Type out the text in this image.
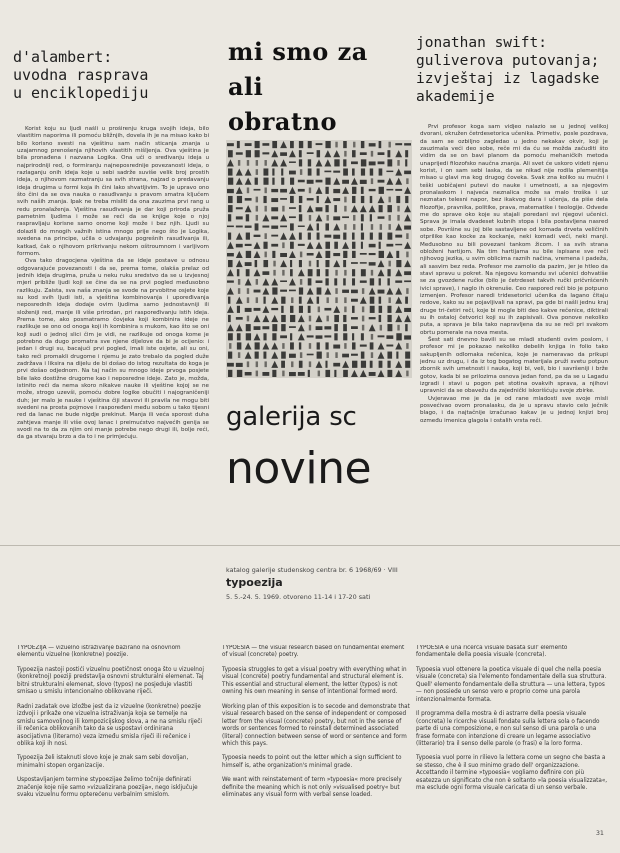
d'alambert:
uvodna rasprava
u enciklopediju
mi smo za
ali
obratno
jonathan swift:
guliverova putovanja;
izvještaj iz lagadske
akademije

Korist koju su ljudi našli u proširenju kruga svojih ideja, bilo vlastitim naporima ili pomoću bližnjih, dovela ih je na misao kako bi bilo korisno svesti na vještinu sam način sticanja znanja u uzajamnog prenošenja njihovih vlastitih mišljenja. Ova vještina je bila pronađena i nazvana Logika. Ona uči o sređivanju ideja u najprirodniji red, o formiranju najneposrednije povezanosti ideja, o razlaganju onih ideja koje u sebi sadrže suviše velik broj prostih ideja, o njihovom razmatranju sa svih strana, najzad o predavanju ideja drugima u formi koja ih čini lako shvatljivim. To je upravo ono što čini da se ova nauka o rasuđivanju s pravom smatra ključem svih naših znanja. Ipak ne treba misliti da ona zauzima prvi rang u redu pronalaženja. Vještina rasuđivanja je dar koji priroda pruža pametnim ljudima i može se reći da se knjige koje o njoj raspravljaju korisne samo onome koji može i bez njih. Ljudi su dolazili do mnogih važnih istina mnogo prije nego što je Logika, svedena na principe, učila o udvajanju pogrešnih rasuđivanja ili, katkad, čak o njihovom prikrivanju nekom oštroumnom i varljivom formom.

Ova tako dragocjena vještina da se ideje postave u odnosu odgovarajuće povezanosti i da se, prema tome, olakša prelaz od jednih ideja drugima, pruža u neku ruku sredstvo da se u izvjesnoj mjeri približe ljudi koji se čine da se na prvi pogled međusobno razlikuju. Zaista, sva naša znanja se svode na prvobitne osjete koje su kod svih ljudi isti, a vještina kombinovanja i upoređivanja neposrednih ideja dodaje ovim ljudima samo jednostavniji ili složeniji red, manje ili više prirodan, pri raspoređivanju istih ideja. Prema tome, ako posmatramo čovjeka koji kombinira ideje ne razlikuje se ono od onoga koji ih kombinira s mukom, kao što se oni koji sudi o jednoj slici čim je vidi, ne razlikuje od onoga kome je potrebno da dugo promatra sve njene dijelove da bi je ocijenio: i jedan i drugi su, bacajući prvi pogled, imali iste osjete, ali su oni, tako reći promakli drugome i njemu je zato trebalo da pogled duže zadržava i liksira na dijelu de bi došao do istog rezultata do koga je prvi došao odjednom. Na taj način su mnogo ideje prvoga posjete bile lako dostižne drugome kao i neposredne ideje. Zato je, možda, istinito reći da nema skoro nikakve nauke ili vještine kojoj se ne može, strogo uzevši, pomoću dobre logike obučiti i najograničeniji duh; jer malo je nauke i vještina čiji stavovi ili pravila ne mogu biti svedeni na prosta pojmove i raspoređeni među sobom u tako tijesni red da lanac ne bude nigdje prekinut. Manja ili veća sporost duha zahtjeva manje ili više ovoj lanac i preimućstvo najvećih genija se svodi na to da za njim oni manje potrebe nego drugi ili, bolje reći, da ga stvaraju brzo a da to i ne primjećuju.

Prvi profesor koga sam vidjeo nalazio se u jednoj velikoj dvorani, okružen četrdesetorica učenika. Primetiv, posle pozdrava, da sam se ozbiljno zagledao u jedno nekakav okvir, koji je zauzimala veći deo sobe, reče mi da ću se možda začuditi što vidim da se on bavi planom da pomoću mehaničkih metoda unaprijedi filozofsko naučna znanja. Ali svet će uskoro videti njenu korist, i on sam sebi laska, da se nikad nije rodila plemenitija misao u glavi ma kog drugog čoveka. Svak zna koliko su mučni i teški uobičajeni putevi do nauke i umetnosti, a sa njegovim pronalaskom i najveća neznalica može sa malo troška i uz neznatan telesni napor, bez ikakvog dara i učenja, da piše dela filozofije, pravnika, politike, prava, matematike i teologije. Odvede me do sprave oko koje su stajali poredani svi njegovi učenici. Sprava je imala dvadeset kubnih stopa i bila postavljena nasred sobe. Površine su joj bile sastavljene od komada drveta veličinih otprilike kao kocke za kockanje, neki komadi veći, neki manji. Međusobno su bili povezani tankom žicom. I sa svih strana obloženi hartijom. Na tim hartijama su bile ispisane sve reči njihovog jezika, u svim oblicima raznih načina, vremena i padeža, ali sasvim bez reda. Profesor me zamolio da pazim, jer je htleo da stavi spravu u pokret. Na njegovu komandu svi učenici dohvatiše se za gvozdene ručke (bilo je četrdeset takvih ručki pričvršćenih ivici sprave), i naglo ih okrenuše. Ceo raspored reči bio je potpuno izmenjen. Profesor naredi tridesetorici učenika da lagano čitaju redove, kako su se pojavljivali na spravi, pa gde bi našli jednu kraj druge tri-četiri reči, koje bi mogle biti deo kakve rečenice, diktirali su ih ostaloj četvorici koji su ih zapisivali. Ova ponove nekoliko puta, a sprava je bila tako napravljena da su se reči pri svakom obrtu pomerale na nova mesta.

Šest sati dnevno bavili su se mladi studenti ovim poslom, i profesor mi je pokazao nekoliko debelih knjiga in folio tako sakupljenih odlomaka rečenica, koje je nameravao da prikupi jednu uz drugu, i da iz tog bogatog materijala pruži svetu potpun zbornik svih umetnosti i nauka, koji bi, veli, bio i savršeniji i brže gotov, kada bi se prilozima osnova jedan fond, pa da se u Lagadu izgradi i stavi u pogon pet stotina ovakvih sprava, a njihovi upravnici da se obavežu da zajednički iskorišćuju svoje zbirke.

Uvjeravao me je da je od rane mladosti sve svoje misli posvećivao ovom pronalasku, da je u spravu stavio celo ječnik blago, i da najtačnije izračunao kakav je u jednoj knjizi broj ozmeđu imenica glagola i ostalih vrsta reči.

galerija sc
novine
katalog galerije studenskog centra br. 6 1968/69 · VIII
typoezija
5. 5.-24. 5. 1969. otvoreno 11-14 i 17-20 sati

TYPOEZIJA — vizuelno istraživanje bazirano na osnovnom elementu vizuelne (konkretne) poezije.

Typoezija nastoji postići vizuelnu poetičnost onoga što u vizuelnoj (konkretnoj) poeziji predstavlja osnovni strukturalni elemenat. Taj bitni strukturalni elemenat, slovo (typos) ne posjeduje vlastiti smisao u smislu intencionalno oblikovane riječi.

Radni zadatak ove izložbe jest da iz vizuelne (konkretne) poezije izdvoji i prikaže one vizuelna istraživanja koja se temelje na smislu samovoljnog ili kompozicijskog slova, a ne na smislu riječi ili rečenica oblikovanih tako da se uspostavi ordinirana asocijativna (literarno) veza između smisla riječi ili rečenice i oblika koji ih nosi.

Typoezija želi istaknuti slovo koje je znak sam sebi dovoljan, minimalni stopen organizacije.

Uspostavljanjem termine stypoezijae želimo točnije definirati značenje koje nije samo »vizualizirana poezija«, nego isključuje svaku vizuelnu formu opterećenu verbalnim smislom.

TYPOESIA — the visual research based on fundamental element of visual (concrete) poetry.

Typoesia struggles to get a visual poetry with everything what in visual (concrete) poetry fundamental and structural element is. This essential and structural element, the letter (typos) is not owning his own meaning in sense of intentional formed word.

Working plan of this exposition is to secode and demonstrate that visual research based on the sense of independent or composed letter from the visual (concrete) poetry, but not in the sense of words or sentences formed to reinstall determined associated (literal) connection between sense of word or sentence and form which this pays.

Typoesia needs to point out the letter which a sign sufficient to himself is, athe organization's minimal grade.

We want with reinstatement of term »typoesia« more precisely definite the meaning which is not only »visualised poetry« but eliminates any visual form with verbal sense loaded.

TYPOESIA è una ricerca visuale basata sull' elemento fondamentale della poesia visuale (concreta).

Typoesia vuol ottenere la poetica visuale di quel che nella poesia visuale (concreta) sia l'elemento fondamentale della sua struttura. Quell' elemento fondamentale della struttura — una lettera, typos — non possiede un senso vero e proprio come una parola intenzionalmente formata.

Il programma della mostra è di astrarre della poesia visuale (concreta) le ricerche visuali fondate sulla lettera sola o facendo parte di una composizione, e non sul senso di una parola o una frase formate con intenzione di creare un legame associativo (litterario) tra il senso delle parole (o frasi) e la loro forma.

Typoesia vuol porre in rilievo la lettera come un segno che basta a se stesso, che è il suo minimo grado dell' organizzazione. Accettando il termine »typoesia« vogliamo definire con più esatezza un significato che non è soltanto »la poesia visualizzata«, ma esclude ogni forma visuale caricata di un senso verbale.

31
